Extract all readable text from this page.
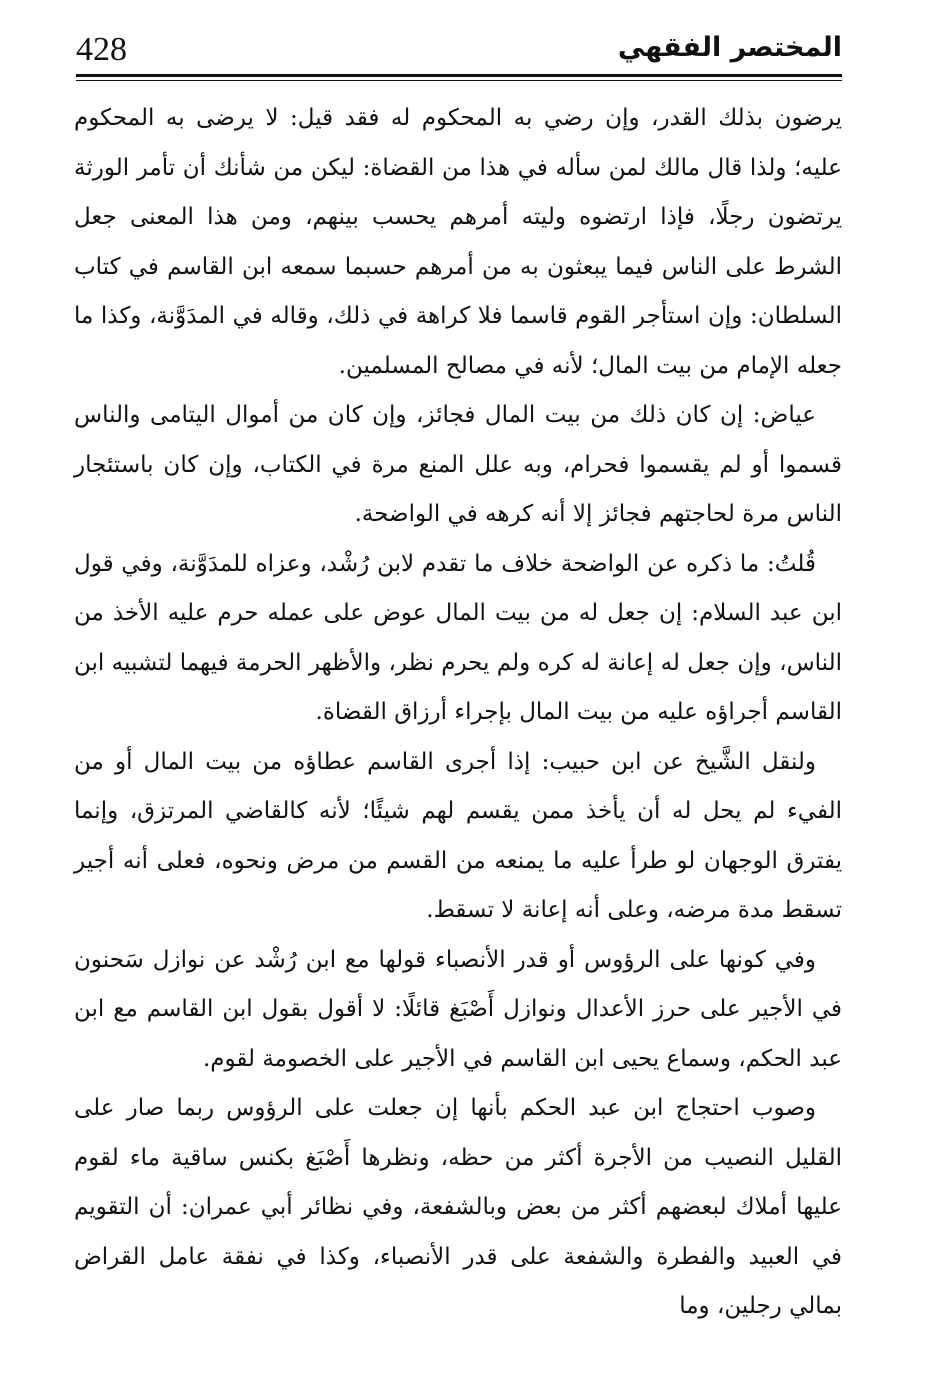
428	المختصر الفقهي

يرضون بذلك القدر، وإن رضي به المحكوم له فقد قيل: لا يرضى به المحكوم عليه؛ ولذا قال مالك لمن سأله في هذا من القضاة: ليكن من شأنك أن تأمر الورثة يرتضون رجلًا، فإذا ارتضوه وليته أمرهم يحسب بينهم، ومن هذا المعنى جعل الشرط على الناس فيما يبعثون به من أمرهم حسبما سمعه ابن القاسم في كتاب السلطان: وإن استأجر القوم قاسما فلا كراهة في ذلك، وقاله في المدَوَّنة، وكذا ما جعله الإمام من بيت المال؛ لأنه في مصالح المسلمين.

عياض: إن كان ذلك من بيت المال فجائز، وإن كان من أموال اليتامى والناس قسموا أو لم يقسموا فحرام، وبه علل المنع مرة في الكتاب، وإن كان باستئجار الناس مرة لحاجتهم فجائز إلا أنه كرهه في الواضحة.

قُلتُ: ما ذكره عن الواضحة خلاف ما تقدم لابن رُشْد، وعزاه للمدَوَّنة، وفي قول ابن عبد السلام: إن جعل له من بيت المال عوض على عمله حرم عليه الأخذ من الناس، وإن جعل له إعانة له كره ولم يحرم نظر، والأظهر الحرمة فيهما لتشبيه ابن القاسم أجراؤه عليه من بيت المال بإجراء أرزاق القضاة.

ولنقل الشَّيخ عن ابن حبيب: إذا أجرى القاسم عطاؤه من بيت المال أو من الفيء لم يحل له أن يأخذ ممن يقسم لهم شيئًا؛ لأنه كالقاضي المرتزق، وإنما يفترق الوجهان لو طرأ عليه ما يمنعه من القسم من مرض ونحوه، فعلى أنه أجير تسقط مدة مرضه، وعلى أنه إعانة لا تسقط.

وفي كونها على الرؤوس أو قدر الأنصباء قولها مع ابن رُشْد عن نوازل سَحنون في الأجير على حرز الأعدال ونوازل أَصْبَغ قائلًا: لا أقول بقول ابن القاسم مع ابن عبد الحكم، وسماع يحيى ابن القاسم في الأجير على الخصومة لقوم.

وصوب احتجاج ابن عبد الحكم بأنها إن جعلت على الرؤوس ربما صار على القليل النصيب من الأجرة أكثر من حظه، ونظرها أَصْبَغ بكنس ساقية ماء لقوم عليها أملاك لبعضهم أكثر من بعض وبالشفعة، وفي نظائر أبي عمران: أن التقويم في العبيد والفطرة والشفعة على قدر الأنصباء، وكذا في نفقة عامل القراض بمالي رجلين، وما
